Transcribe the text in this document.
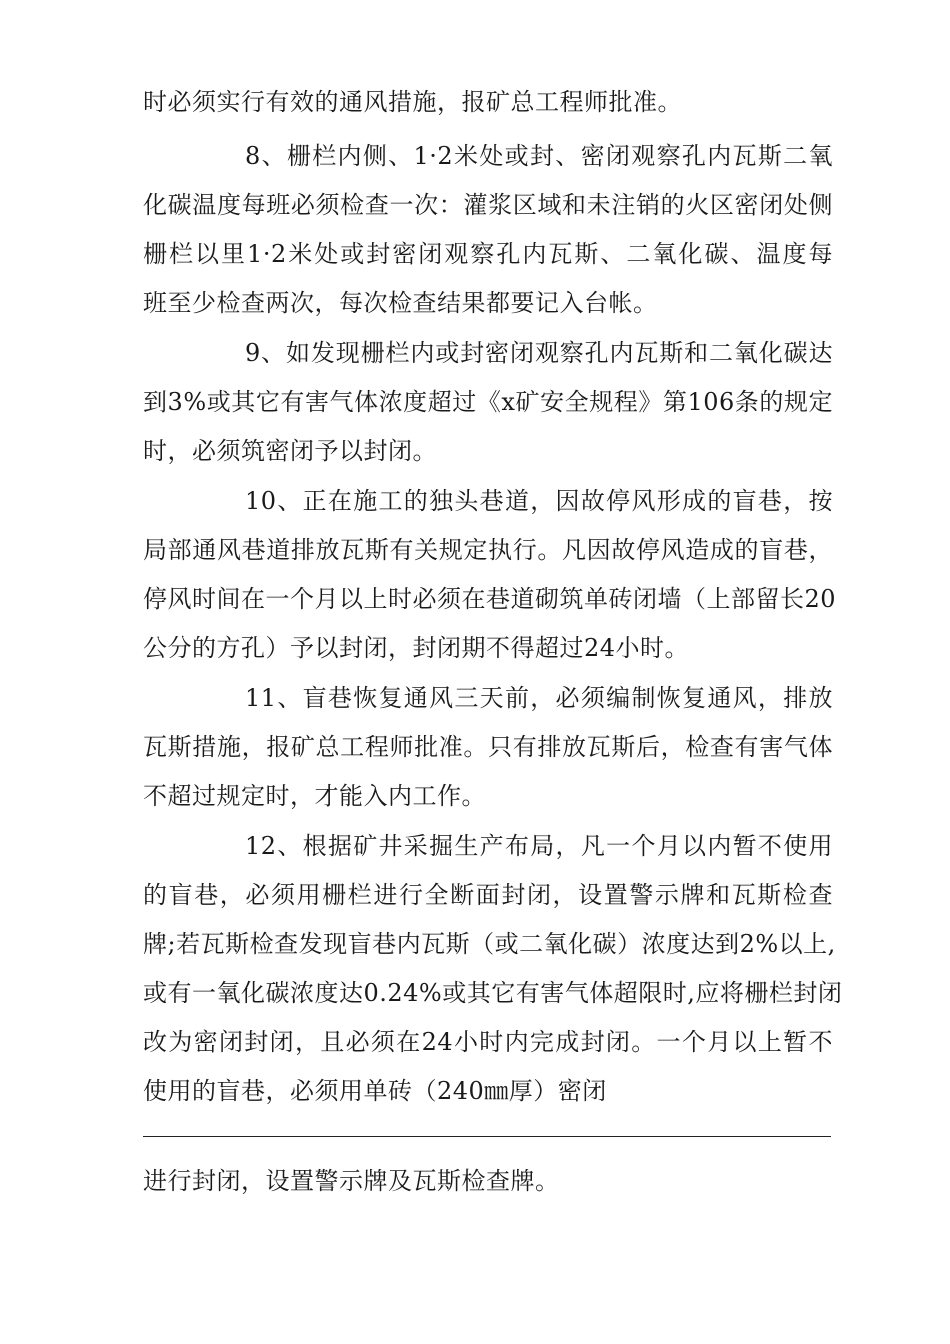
时必须实行有效的通风措施，报矿总工程师批准。
8、栅栏内侧、1·2米处或封、密闭观察孔内瓦斯二氧
化碳温度每班必须检查一次：灌浆区域和未注销的火区密闭处侧
栅栏以里1·2米处或封密闭观察孔内瓦斯、二氧化碳、温度每
班至少检查两次，每次检查结果都要记入台帐。
9、如发现栅栏内或封密闭观察孔内瓦斯和二氧化碳达
到3%或其它有害气体浓度超过《x矿安全规程》第106条的规定
时，必须筑密闭予以封闭。
10、正在施工的独头巷道，因故停风形成的盲巷，按
局部通风巷道排放瓦斯有关规定执行。凡因故停风造成的盲巷，
停风时间在一个月以上时必须在巷道砌筑单砖闭墙（上部留长20
公分的方孔）予以封闭，封闭期不得超过24小时。
11、盲巷恢复通风三天前，必须编制恢复通风，排放
瓦斯措施，报矿总工程师批准。只有排放瓦斯后，检查有害气体
不超过规定时，才能入内工作。
12、根据矿井采掘生产布局，凡一个月以内暂不使用
的盲巷，必须用栅栏进行全断面封闭，设置警示牌和瓦斯检查
牌;若瓦斯检查发现盲巷内瓦斯（或二氧化碳）浓度达到2%以上,
或有一氧化碳浓度达0.24%或其它有害气体超限时,应将栅栏封闭
改为密闭封闭，且必须在24小时内完成封闭。一个月以上暂不
使用的盲巷，必须用单砖（240㎜厚）密闭
进行封闭，设置警示牌及瓦斯检查牌。
